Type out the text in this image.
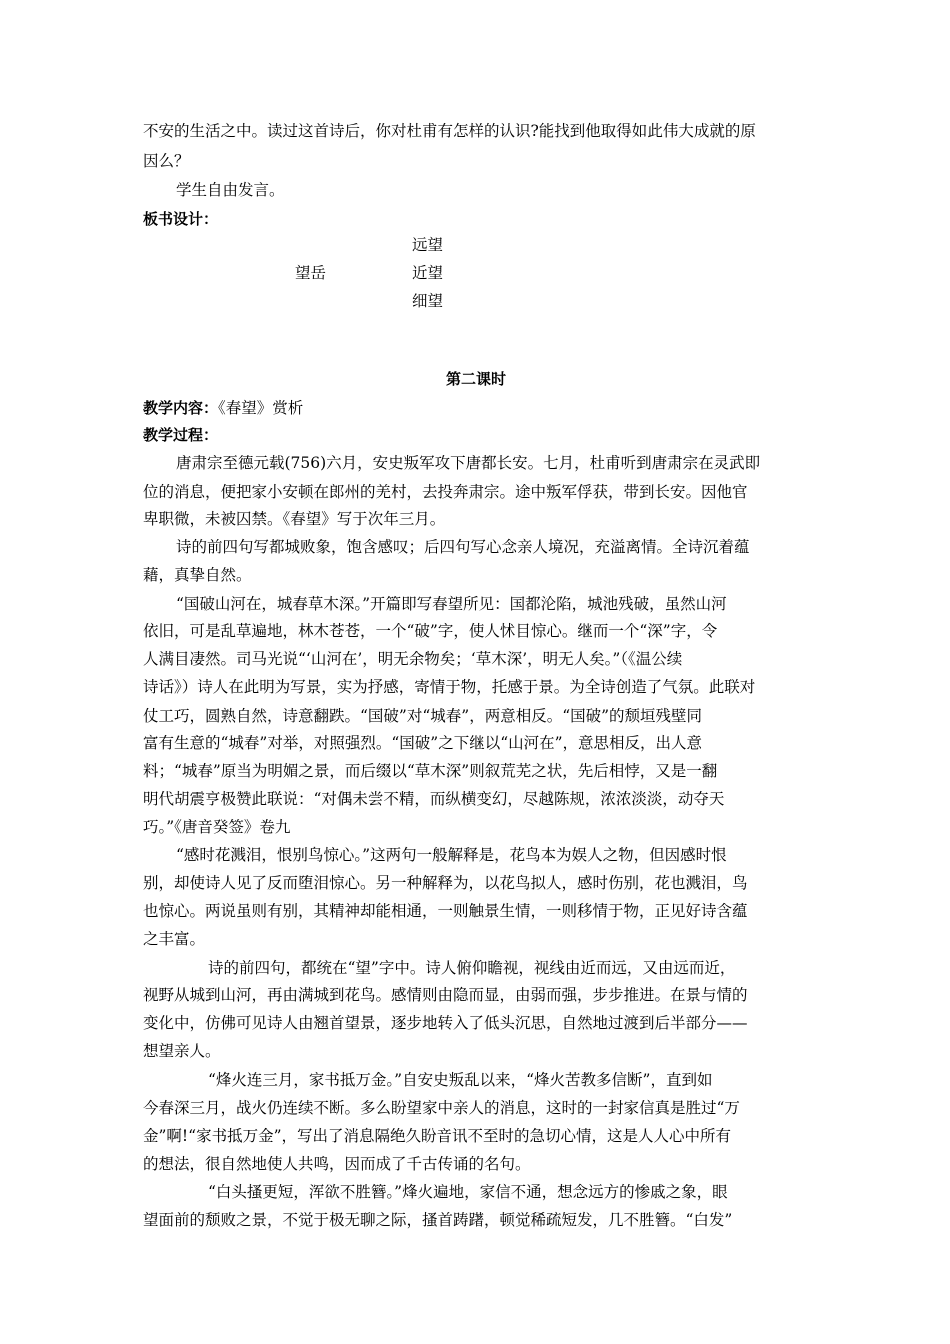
不安的生活之中。读过这首诗后，你对杜甫有怎样的认识?能找到他取得如此伟大成就的原
因么？
学生自由发言。
板书设计：
远望
望岳	近望
细望
第二课时
教学内容：《春望》赏析
教学过程：
唐肃宗至德元载(756)六月，安史叛军攻下唐都长安。七月，杜甫听到唐肃宗在灵武即
位的消息，便把家小安顿在郎州的羌村，去投奔肃宗。途中叛军俘获，带到长安。因他官
卑职微，未被囚禁。《春望》写于次年三月。
诗的前四句写都城败象，饱含感叹；后四句写心念亲人境况，充溢离情。全诗沉着蕴
藉，真挚自然。
“国破山河在，城春草木深。”开篇即写春望所见：国都沦陷，城池残破，虽然山河
依旧，可是乱草遍地，林木苍苍，一个“破”字，使人怵目惊心。继而一个“深”字，令
人满目凄然。司马光说“‘山河在’，明无余物矣；‘草木深’，明无人矣。”（《温公续
诗话》）诗人在此明为写景，实为抒感，寄情于物，托感于景。为全诗创造了气氛。此联对
仗工巧，圆熟自然，诗意翻跌。“国破”对“城春”，两意相反。“国破”的颓垣残壁同
富有生意的“城春”对举，对照强烈。“国破”之下继以“山河在”，意思相反，出人意
料；“城春”原当为明媚之景，而后缀以“草木深”则叙荒芜之状，先后相悖，又是一翻
明代胡震亨极赞此联说：“对偶未尝不精，而纵横变幻，尽越陈规，浓浓淡淡，动夺天
巧。”《唐音癸签》卷九
“感时花溅泪，恨别鸟惊心。”这两句一般解释是，花鸟本为娱人之物，但因感时恨
别，却使诗人见了反而堕泪惊心。另一种解释为，以花鸟拟人，感时伤别，花也溅泪，鸟
也惊心。两说虽则有别，其精神却能相通，一则触景生情，一则移情于物，正见好诗含蕴
之丰富。
诗的前四句，都统在“望”字中。诗人俯仰瞻视，视线由近而远，又由远而近，
视野从城到山河，再由满城到花鸟。感情则由隐而显，由弱而强，步步推进。在景与情的
变化中，仿佛可见诗人由翘首望景，逐步地转入了低头沉思，自然地过渡到后半部分——
想望亲人。
“烽火连三月，家书抵万金。”自安史叛乱以来，“烽火苦教多信断”，直到如
今春深三月，战火仍连续不断。多么盼望家中亲人的消息，这时的一封家信真是胜过“万
金”啊!“家书抵万金”，写出了消息隔绝久盼音讯不至时的急切心情，这是人人心中所有
的想法，很自然地使人共鸣，因而成了千古传诵的名句。
“白头搔更短，浑欲不胜簪。”烽火遍地，家信不通，想念远方的惨戚之象，眼
望面前的颓败之景，不觉于极无聊之际，搔首踌躇，顿觉稀疏短发，几不胜簪。“白发”
